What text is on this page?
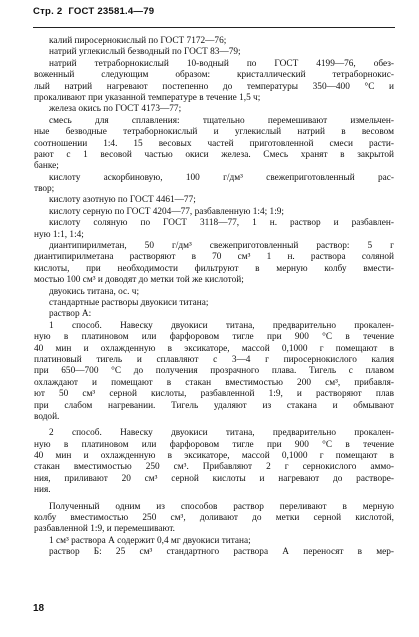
Стр. 2 ГОСТ 23581.4—79
калий пиросернокислый по ГОСТ 7172—76;
натрий углекислый безводный по ГОСТ 83—79;
натрий тетраборнокислый 10-водный по ГОСТ 4199—76, обез-
воженный следующим образом: кристаллический тетраборнокис-
лый натрий нагревают постепенно до температуры 350—400 °С и
прокаливают при указанной температуре в течение 1,5 ч;
железа окись по ГОСТ 4173—77;
смесь для сплавления: тщательно перемешивают измельчен-
ные безводные тетраборнокислый и углекислый натрий в весовом
соотношении 1:4. 15 весовых частей приготовленной смеси расти-
рают с 1 весовой частью окиси железа. Смесь хранят в закрытой
банке;
кислоту аскорбиновую, 100 г/дм³ свежеприготовленный рас-
твор;
кислоту азотную по ГОСТ 4461—77;
кислоту серную по ГОСТ 4204—77, разбавленную 1:4; 1:9;
кислоту соляную по ГОСТ 3118—77, 1 н. раствор и разбавлен-
ную 1:1, 1:4;
диантипирилметан, 50 г/дм³ свежеприготовленный раствор: 5 г
диантипирилметана растворяют в 70 см³ 1 н. раствора соляной
кислоты, при необходимости фильтруют в мерную колбу вмести-
мостью 100 см³ и доводят до метки той же кислотой;
двуокись титана, ос. ч;
стандартные растворы двуокиси титана;
раствор А:
1 способ. Навеску двуокиси титана, предварительно прокален-
ную в платиновом или фарфоровом тигле при 900 °С в течение
40 мин и охлажденную в эксикаторе, массой 0,1000 г помещают в
платиновый тигель и сплавляют с 3—4 г пиросернокислого калия
при 650—700 °С до получения прозрачного плава. Тигель с плавом
охлаждают и помещают в стакан вместимостью 200 см³, прибавля-
ют 50 см³ серной кислоты, разбавленной 1:9, и растворяют плав
при слабом нагревании. Тигель удаляют из стакана и обмывают
водой.
2 способ. Навеску двуокиси титана, предварительно прокален-
ную в платиновом или фарфоровом тигле при 900 °С в течение
40 мин и охлажденную в эксикаторе, массой 0,1000 г помещают в
стакан вместимостью 250 см³. Прибавляют 2 г сернокислого аммо-
ния, приливают 20 см³ серной кислоты и нагревают до растворе-
ния.
Полученный одним из способов раствор переливают в мерную
колбу вместимостью 250 см³, доливают до метки серной кислотой,
разбавленной 1:9, и перемешивают.
1 см³ раствора А содержит 0,4 мг двуокиси титана;
раствор Б: 25 см³ стандартного раствора А переносят в мер-
18
